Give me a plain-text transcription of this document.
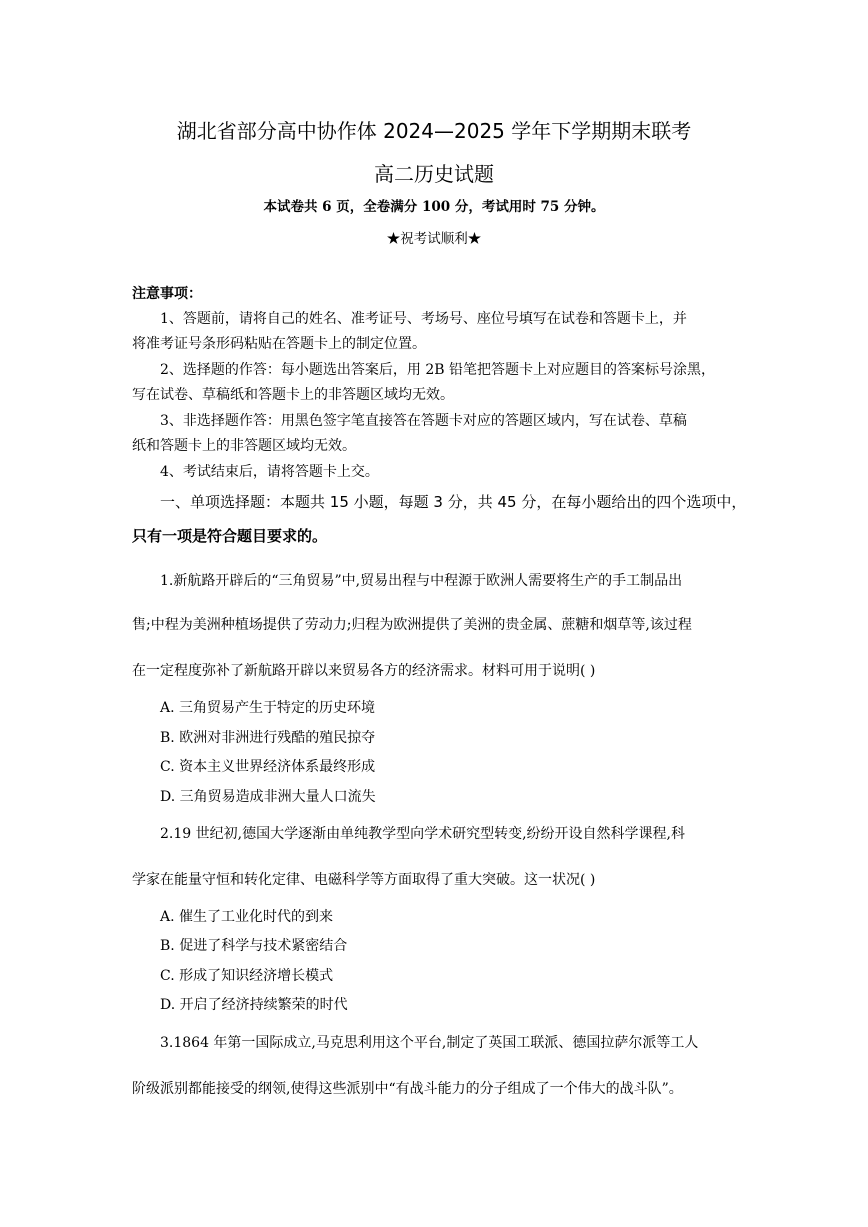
湖北省部分高中协作体 2024—2025 学年下学期期末联考
高二历史试题
本试卷共 6 页，全卷满分 100 分，考试用时 75 分钟。
★祝考试顺利★
注意事项：
1、答题前，请将自己的姓名、准考证号、考场号、座位号填写在试卷和答题卡上，并
将准考证号条形码粘贴在答题卡上的制定位置。
2、选择题的作答：每小题选出答案后，用 2B 铅笔把答题卡上对应题目的答案标号涂黑，
写在试卷、草稿纸和答题卡上的非答题区域均无效。
3、非选择题作答：用黑色签字笔直接答在答题卡对应的答题区域内，写在试卷、草稿
纸和答题卡上的非答题区域均无效。
4、考试结束后，请将答题卡上交。
一、单项选择题：本题共 15 小题，每题 3 分，共 45 分，在每小题给出的四个选项中，
只有一项是符合题目要求的。
1.新航路开辟后的“三角贸易”中,贸易出程与中程源于欧洲人需要将生产的手工制品出
售;中程为美洲种植场提供了劳动力;归程为欧洲提供了美洲的贵金属、蔗糖和烟草等,该过程
在一定程度弥补了新航路开辟以来贸易各方的经济需求。材料可用于说明( )
A. 三角贸易产生于特定的历史环境
B. 欧洲对非洲进行残酷的殖民掠夺
C. 资本主义世界经济体系最终形成
D. 三角贸易造成非洲大量人口流失
2.19 世纪初,德国大学逐渐由单纯教学型向学术研究型转变,纷纷开设自然科学课程,科
学家在能量守恒和转化定律、电磁科学等方面取得了重大突破。这一状况( )
A. 催生了工业化时代的到来
B. 促进了科学与技术紧密结合
C. 形成了知识经济增长模式
D. 开启了经济持续繁荣的时代
3.1864 年第一国际成立,马克思利用这个平台,制定了英国工联派、德国拉萨尔派等工人
阶级派别都能接受的纲领,使得这些派别中“有战斗能力的分子组成了一个伟大的战斗队”。
